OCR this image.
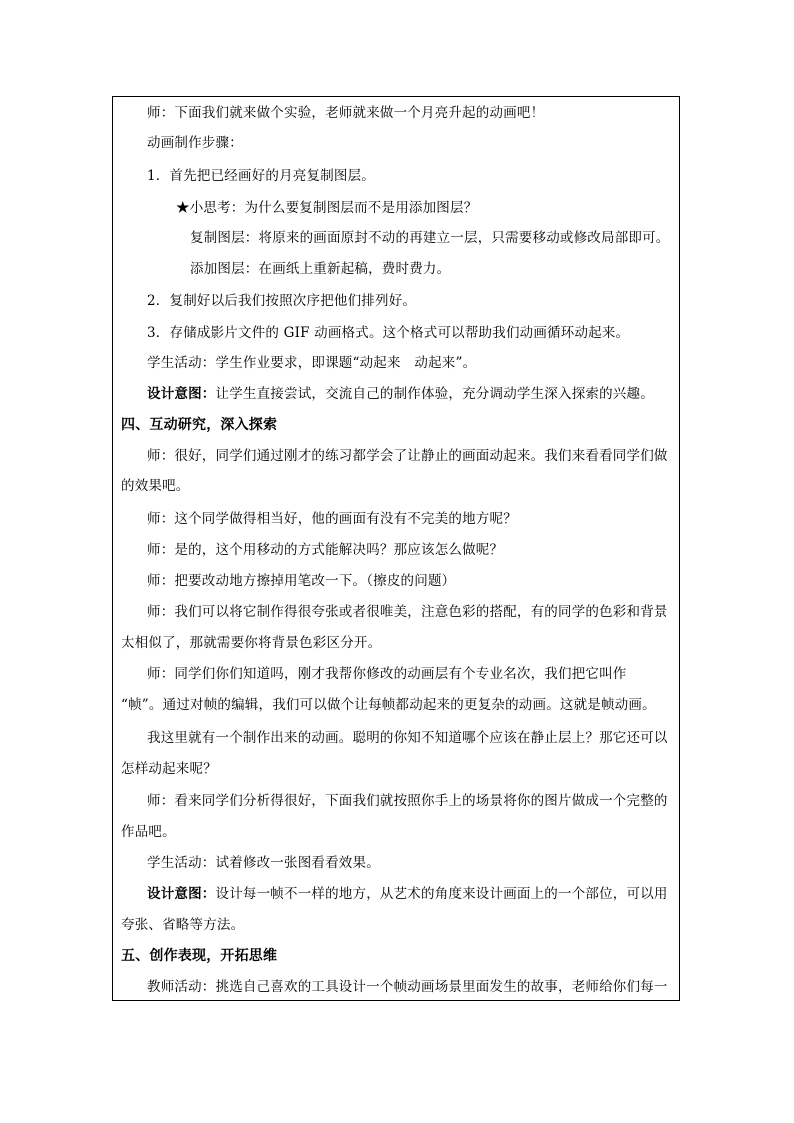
师：下面我们就来做个实验，老师就来做一个月亮升起的动画吧！
动画制作步骤：
1．首先把已经画好的月亮复制图层。
★小思考：为什么要复制图层而不是用添加图层？
复制图层：将原来的画面原封不动的再建立一层，只需要移动或修改局部即可。
添加图层：在画纸上重新起稿，费时费力。
2．复制好以后我们按照次序把他们排列好。
3．存储成影片文件的 GIF 动画格式。这个格式可以帮助我们动画循环动起来。
学生活动：学生作业要求，即课题“动起来　动起来”。
设计意图：让学生直接尝试，交流自己的制作体验，充分调动学生深入探索的兴趣。
四、互动研究，深入探索
师：很好，同学们通过刚才的练习都学会了让静止的画面动起来。我们来看看同学们做
的效果吧。
师：这个同学做得相当好，他的画面有没有不完美的地方呢？
师：是的，这个用移动的方式能解决吗？那应该怎么做呢？
师：把要改动地方擦掉用笔改一下。（擦皮的问题）
师：我们可以将它制作得很夸张或者很唯美，注意色彩的搭配，有的同学的色彩和背景
太相似了，那就需要你将背景色彩区分开。
师：同学们你们知道吗，刚才我帮你修改的动画层有个专业名次，我们把它叫作
“帧”。通过对帧的编辑，我们可以做个让每帧都动起来的更复杂的动画。这就是帧动画。
我这里就有一个制作出来的动画。聪明的你知不知道哪个应该在静止层上？那它还可以
怎样动起来呢？
师：看来同学们分析得很好，下面我们就按照你手上的场景将你的图片做成一个完整的
作品吧。
学生活动：试着修改一张图看看效果。
设计意图：设计每一帧不一样的地方，从艺术的角度来设计画面上的一个部位，可以用
夸张、省略等方法。
五、创作表现，开拓思维
教师活动：挑选自己喜欢的工具设计一个帧动画场景里面发生的故事，老师给你们每一
